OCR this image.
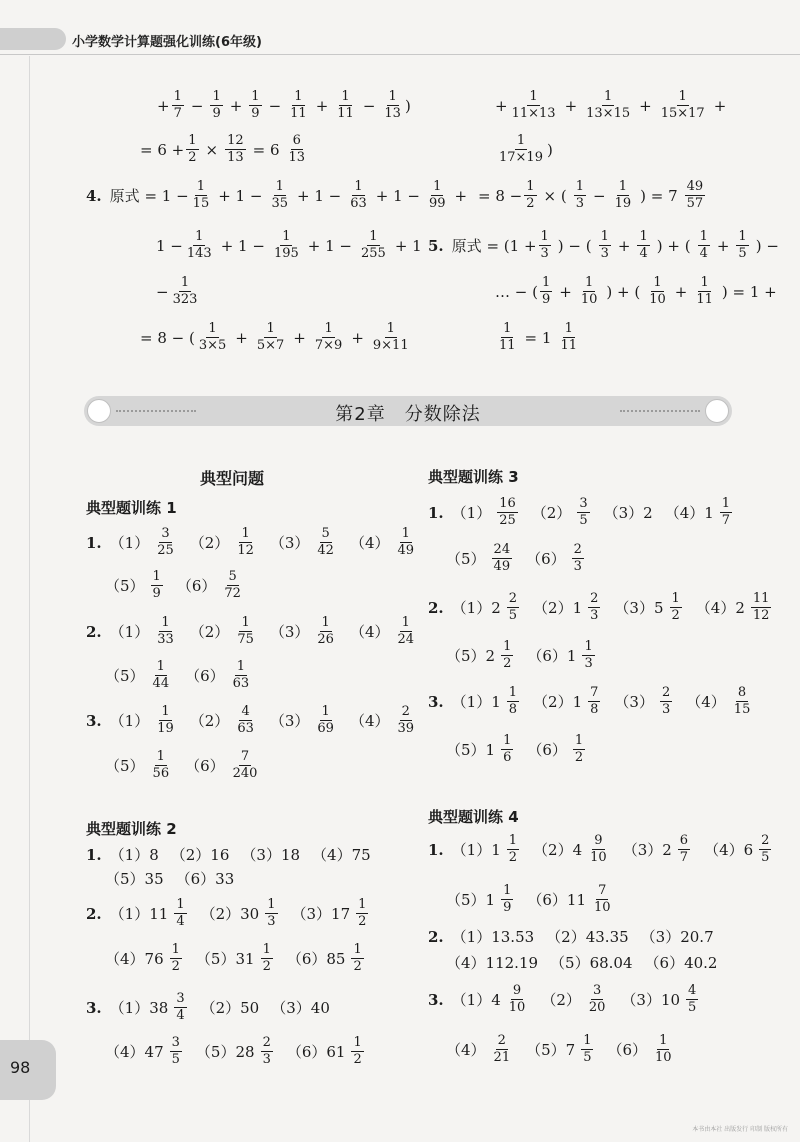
小学数学计算题强化训练(6年级)
+ $\frac{1}{7} - \frac{1}{9} + \frac{1}{9} - \frac{1}{11} + \frac{1}{11} - \frac{1}{13}$ )
= $6 + \frac{1}{2} \times \frac{12}{13} = 6 \frac{6}{13}$
4. 原式 = $1 - \frac{1}{15} + 1 - \frac{1}{35} + 1 - \frac{1}{63} + 1 - \frac{1}{99}$ +
$1 - \frac{1}{143} + 1 - \frac{1}{195} + 1 - \frac{1}{255} + 1$
− $\frac{1}{323}$
= 8 − ( $\frac{1}{3\times 5} + \frac{1}{5\times 7} + \frac{1}{7\times 9} + \frac{1}{9\times 11}$
+ $\frac{1}{11\times 13} + \frac{1}{13\times 15} + \frac{1}{15\times 17}$ +
$\frac{1}{17\times 19}$ )
= $8 - \frac{1}{2}$ × ( $\frac{1}{3} - \frac{1}{19}$ ) = $7 \frac{49}{57}$
5. 原式 = ($1 + \frac{1}{3}$ ) − ( $\frac{1}{3} + \frac{1}{4}$ ) + ( $\frac{1}{4} + \frac{1}{5}$ ) −
… − ( $\frac{1}{9} + \frac{1}{10}$ ) + ( $\frac{1}{10} + \frac{1}{11}$ ) = 1 +
$\frac{1}{11} = 1 \frac{1}{11}$
第2章　分数除法
典型问题
典型题训练 1
1. $(1) \frac{3}{25} (2) \frac{1}{12} (3) \frac{5}{42} (4) \frac{1}{49}$
$(5) \frac{1}{9} (6) \frac{5}{72}$
2. $(1) \frac{1}{33} (2) \frac{1}{75} (3) \frac{1}{26} (4) \frac{1}{24}$
$(5) \frac{1}{44} (6) \frac{1}{63}$
3. $(1) \frac{1}{19} (2) \frac{4}{63} (3) \frac{1}{69} (4) \frac{2}{39}$
$(5) \frac{1}{56} (6) \frac{7}{240}$
典型题训练 2
1. （1）8 （2）16 （3）18 （4）75
（5）35 （6）33
2. $(1)11 \frac{1}{4} (2)30 \frac{1}{3} (3)17 \frac{1}{2}$
$(4)76 \frac{1}{2} (5)31 \frac{1}{2} (6)85 \frac{1}{2}$
3. $(1)38 \frac{3}{4} (2)50$ （3）40
$(4)47 \frac{3}{5} (5)28 \frac{2}{3} (6)61 \frac{1}{2}$
典型题训练 3
1. $(1) \frac{16}{25} (2) \frac{3}{5} (3)2$ $(4)1 \frac{1}{7}$
$(5) \frac{24}{49} (6) \frac{2}{3}$
2. $(1)2 \frac{2}{5} (2)1 \frac{2}{3} (3)5 \frac{1}{2} (4)2 \frac{11}{12}$
$(5)2 \frac{1}{2} (6)1 \frac{1}{3}$
3. $(1)1 \frac{1}{8} (2)1 \frac{7}{8} (3) \frac{2}{3} (4) \frac{8}{15}$
$(5)1 \frac{1}{6} (6) \frac{1}{2}$
典型题训练 4
1. $(1)1 \frac{1}{2} (2)4 \frac{9}{10} (3)2 \frac{6}{7} (4)6 \frac{2}{5}$
$(5)1 \frac{1}{9} (6)11 \frac{7}{10}$
2. （1）13.53 （2）43.35 （3）20.7
（4）112.19 （5）68.04 （6）40.2
3. $(1)4 \frac{9}{10} (2) \frac{3}{20} (3)10 \frac{4}{5}$
$(4) \frac{2}{21} (5)7 \frac{1}{5} (6) \frac{1}{10}$
98
本书由本社 出版发行 印制 版权所有
